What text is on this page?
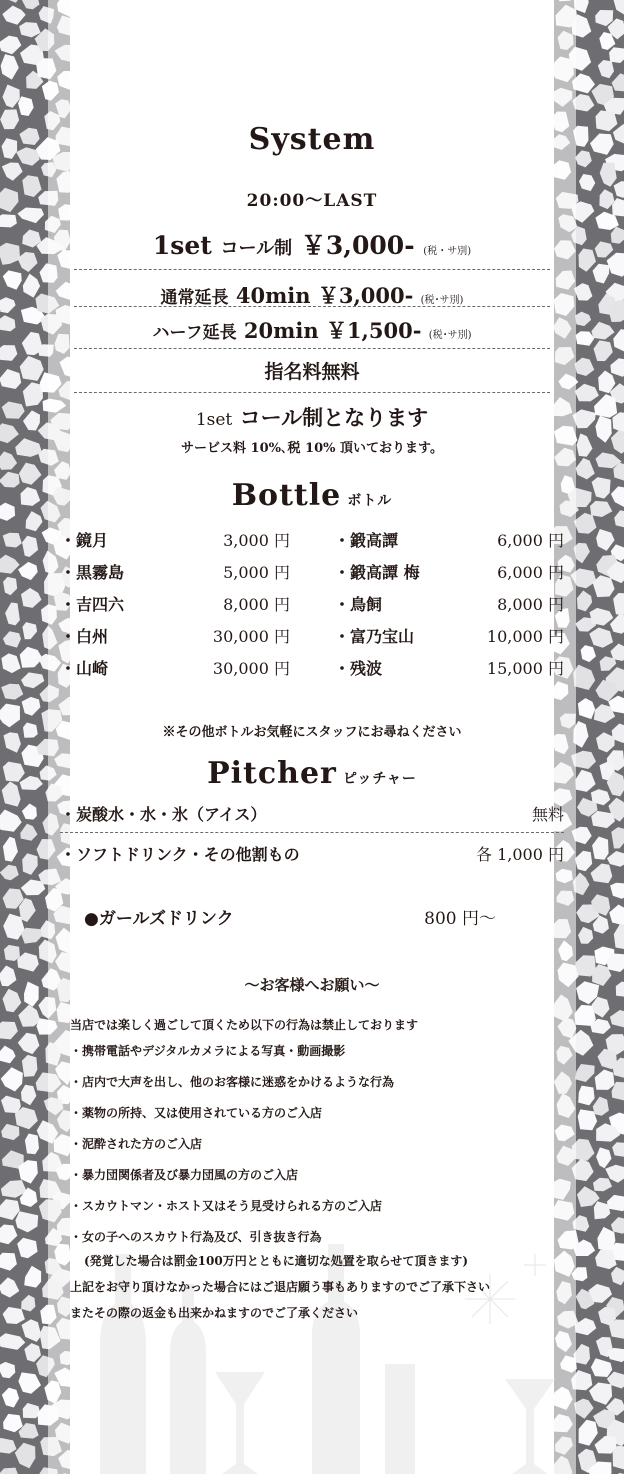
System
20:00〜LAST
1set コール制 ￥3,000- (税・サ別)
通常延長 40min ￥3,000- (税･サ別)
ハーフ延長 20min ￥1,500- (税･サ別)
指名料無料
1set コール制となります
サービス料 10%､税 10% 頂いております。
Bottle ボトル
・鏡月	3,000 円
・黒霧島	5,000 円
・吉四六	8,000 円
・白州	30,000 円
・山崎	30,000 円
・鍛高譚	6,000 円
・鍛高譚 梅	6,000 円
・鳥飼	8,000 円
・富乃宝山	10,000 円
・残波	15,000 円
※その他ボトルお気軽にスタッフにお尋ねください
Pitcher ピッチャー
・炭酸水・水・氷（アイス）	無料
・ソフトドリンク・その他割もの	各 1,000 円
●ガールズドリンク	800 円〜
〜お客様へお願い〜
当店では楽しく過ごして頂くため以下の行為は禁止しております
・携帯電話やデジタルカメラによる写真・動画撮影
・店内で大声を出し、他のお客様に迷惑をかけるような行為
・薬物の所持、又は使用されている方のご入店
・泥酔された方のご入店
・暴力団関係者及び暴力団風の方のご入店
・スカウトマン・ホスト又はそう見受けられる方のご入店
・女の子へのスカウト行為及び、引き抜き行為
(発覚した場合は罰金100万円とともに適切な処置を取らせて頂きます)
上記をお守り頂けなかった場合にはご退店願う事もありますのでご了承下さい
またその際の返金も出来かねますのでご了承ください
